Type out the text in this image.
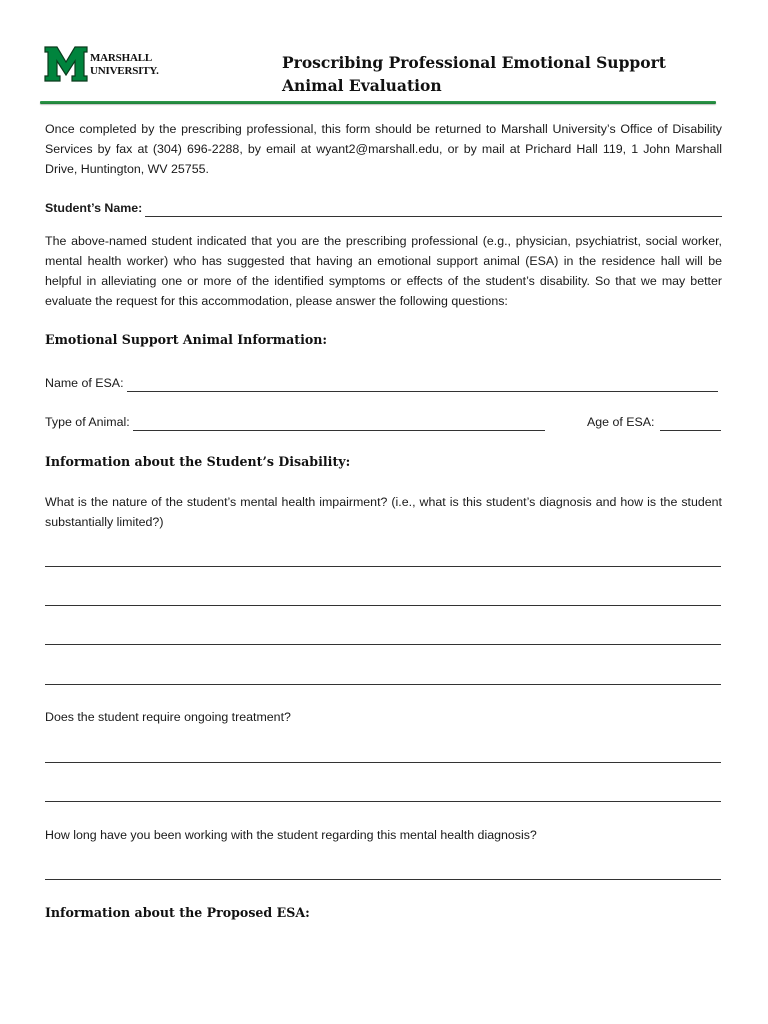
MARSHALL
UNIVERSITY.	Proscribing Professional Emotional Support Animal Evaluation

Once completed by the prescribing professional, this form should be returned to Marshall University’s Office of Disability Services by fax at (304) 696-2288, by email at wyant2@marshall.edu, or by mail at Prichard Hall 119, 1 John Marshall Drive, Huntington, WV 25755.

Student’s Name:

The above-named student indicated that you are the prescribing professional (e.g., physician, psychiatrist, social worker, mental health worker) who has suggested that having an emotional support animal (ESA) in the residence hall will be helpful in alleviating one or more of the identified symptoms or effects of the student’s disability. So that we may better evaluate the request for this accommodation, please answer the following questions:

Emotional Support Animal Information:
Name of ESA:
Type of Animal:	Age of ESA:
Information about the Student’s Disability:

What is the nature of the student’s mental health impairment? (i.e., what is this student’s diagnosis and how is the student substantially limited?)

Does the student require ongoing treatment?

How long have you been working with the student regarding this mental health diagnosis?

Information about the Proposed ESA:
